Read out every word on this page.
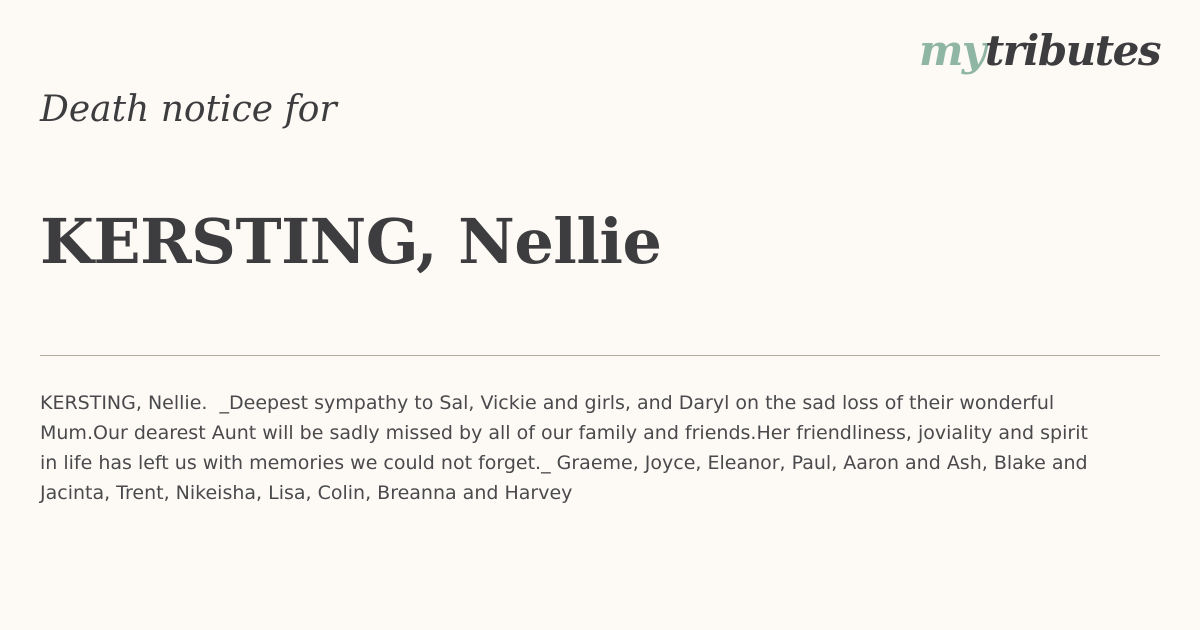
mytributes
Death notice for
KERSTING, Nellie

KERSTING, Nellie.  _Deepest sympathy to Sal, Vickie and girls, and Daryl on the sad loss of their wonderful Mum.Our dearest Aunt will be sadly missed by all of our family and friends.Her friendliness, joviality and spirit in life has left us with memories we could not forget._ Graeme, Joyce, Eleanor, Paul, Aaron and Ash, Blake and Jacinta, Trent, Nikeisha, Lisa, Colin, Breanna and Harvey
